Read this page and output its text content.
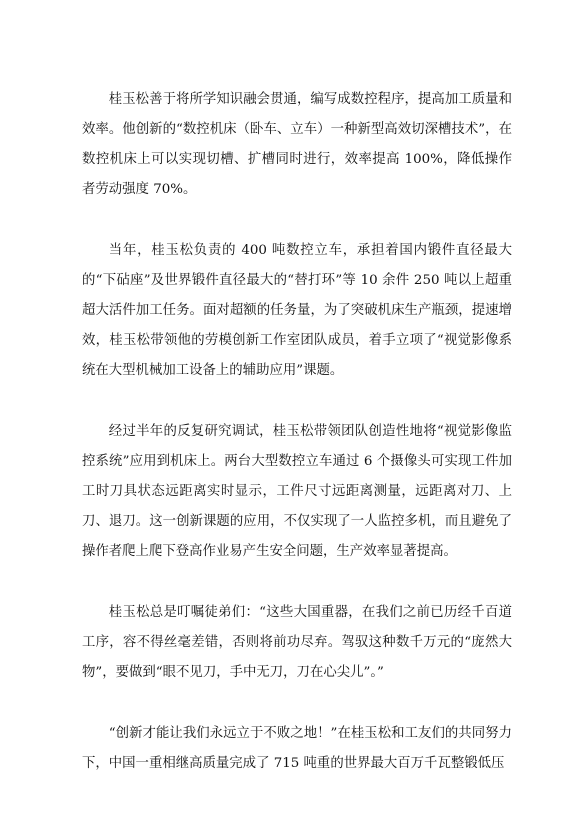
桂玉松善于将所学知识融会贯通，编写成数控程序，提高加工质量和效率。他创新的“数控机床（卧车、立车）一种新型高效切深槽技术”，在数控机床上可以实现切槽、扩槽同时进行，效率提高 100%，降低操作者劳动强度 70%。

当年，桂玉松负责的 400 吨数控立车，承担着国内锻件直径最大的“下砧座”及世界锻件直径最大的“替打环”等 10 余件 250 吨以上超重超大活件加工任务。面对超额的任务量，为了突破机床生产瓶颈，提速增效，桂玉松带领他的劳模创新工作室团队成员，着手立项了“视觉影像系统在大型机械加工设备上的辅助应用”课题。

经过半年的反复研究调试，桂玉松带领团队创造性地将“视觉影像监控系统”应用到机床上。两台大型数控立车通过 6 个摄像头可实现工件加工时刀具状态远距离实时显示，工件尺寸远距离测量，远距离对刀、上刀、退刀。这一创新课题的应用，不仅实现了一人监控多机，而且避免了操作者爬上爬下登高作业易产生安全问题，生产效率显著提高。

桂玉松总是叮嘱徒弟们：“这些大国重器，在我们之前已历经千百道工序，容不得丝毫差错，否则将前功尽弃。驾驭这种数千万元的“庞然大物”，要做到“眼不见刀，手中无刀，刀在心尖儿”。”

“创新才能让我们永远立于不败之地！”在桂玉松和工友们的共同努力下，中国一重相继高质量完成了 715 吨重的世界最大百万千瓦整锻低压
